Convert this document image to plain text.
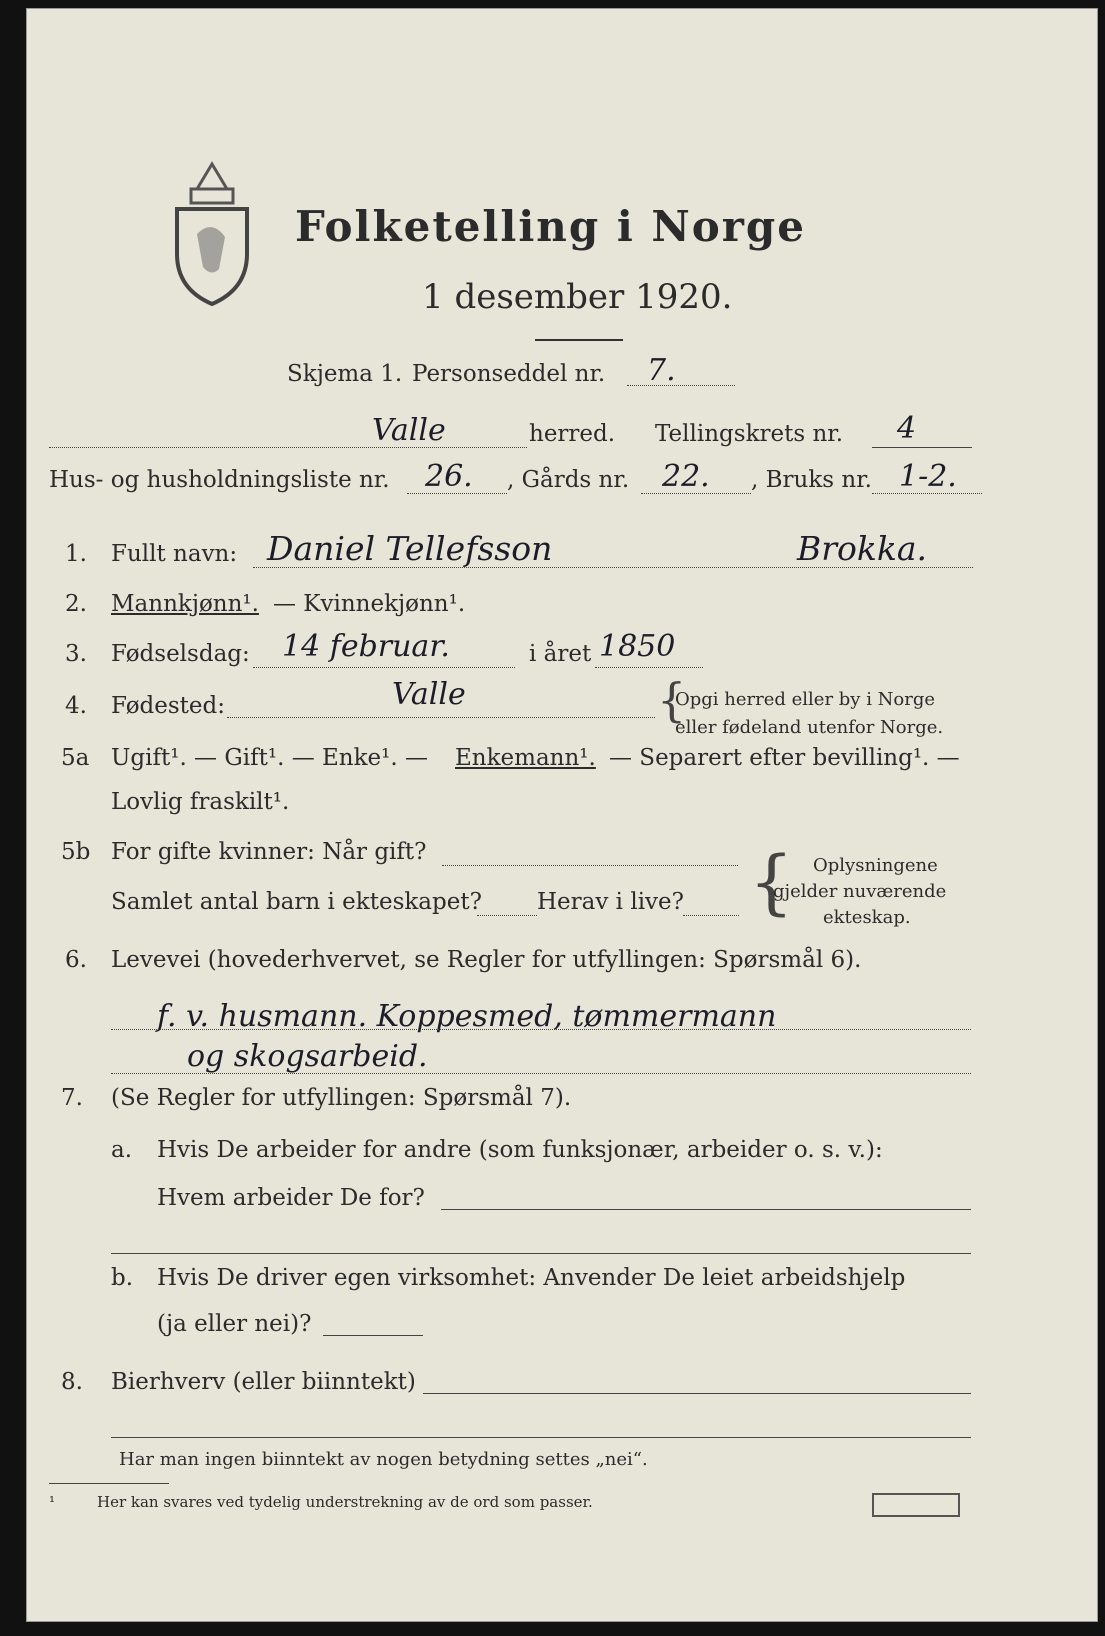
Folketelling i Norge
1 desember 1920.
Skjema 1. Personseddel nr. 7.
Valle	herred. Tellingskrets nr. 4
Hus- og husholdningsliste nr. 26. , Gårds nr. 22. , Bruks nr. 1-2.
1. Fullt navn: Daniel Tellefsson	Brokka.
2. Mannkjønn¹. — Kvinnekjønn¹.
3. Fødselsdag: 14 februar.	i året 1850
4. Fødested:	Valle	{
Opgi herred eller by i Norge
eller fødeland utenfor Norge.
5a Ugift¹. — Gift¹. — Enke¹. — Enkemann¹. — Separert efter bevilling¹. —
Lovlig fraskilt¹.
5b For gifte kvinner: Når gift?
Samlet antal barn i ekteskapet? Herav i live? { Oplysningene
gjelder nuværende
ekteskap.
6. Levevei (hovederhvervet, se Regler for utfyllingen: Spørsmål 6).
f. v. husmann. Koppesmed, tømmermann
og skogsarbeid.
7. (Se Regler for utfyllingen: Spørsmål 7).
a. Hvis De arbeider for andre (som funksjonær, arbeider o. s. v.):
Hvem arbeider De for?
b. Hvis De driver egen virksomhet: Anvender De leiet arbeidshjelp
(ja eller nei)?
8. Bierhverv (eller biinntekt)
Har man ingen biinntekt av nogen betydning settes „nei“.
¹	Her kan svares ved tydelig understrekning av de ord som passer.
